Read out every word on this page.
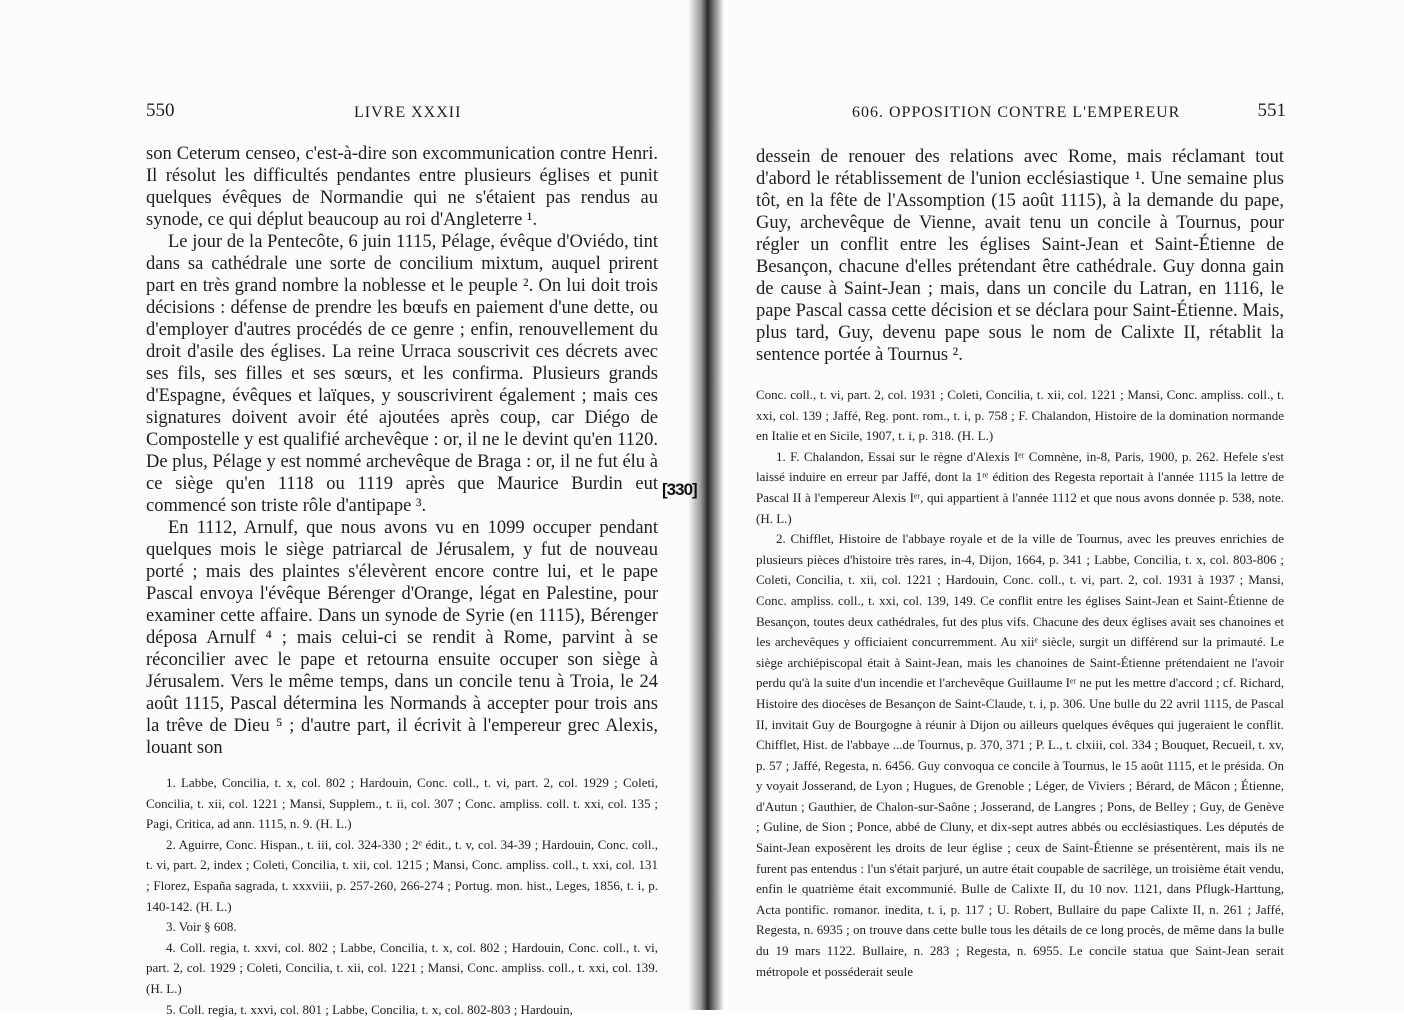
550	LIVRE XXXII

son Ceterum censeo, c'est-à-dire son excommunication contre Henri. Il résolut les difficultés pendantes entre plusieurs églises et punit quelques évêques de Normandie qui ne s'étaient pas rendus au synode, ce qui déplut beaucoup au roi d'Angleterre ¹.

Le jour de la Pentecôte, 6 juin 1115, Pélage, évêque d'Oviédo, tint dans sa cathédrale une sorte de concilium mixtum, auquel prirent part en très grand nombre la noblesse et le peuple ². On lui doit trois décisions : défense de prendre les bœufs en paiement d'une dette, ou d'employer d'autres procédés de ce genre ; enfin, renouvellement du droit d'asile des églises. La reine Urraca souscrivit ces décrets avec ses fils, ses filles et ses sœurs, et les confirma. Plusieurs grands d'Espagne, évêques et laïques, y souscrivirent également ; mais ces signatures doivent avoir été ajoutées après coup, car Diégo de Compostelle y est qualifié archevêque : or, il ne le devint qu'en 1120. De plus, Pélage y est nommé archevêque de Braga : or, il ne fut élu à ce siège qu'en 1118 ou 1119 après que Maurice Burdin eut commencé son triste rôle d'antipape ³.

En 1112, Arnulf, que nous avons vu en 1099 occuper pendant quelques mois le siège patriarcal de Jérusalem, y fut de nouveau porté ; mais des plaintes s'élevèrent encore contre lui, et le pape Pascal envoya l'évêque Bérenger d'Orange, légat en Palestine, pour examiner cette affaire. Dans un synode de Syrie (en 1115), Bérenger déposa Arnulf ⁴ ; mais celui-ci se rendit à Rome, parvint à se réconcilier avec le pape et retourna ensuite occuper son siège à Jérusalem. Vers le même temps, dans un concile tenu à Troia, le 24 août 1115, Pascal détermina les Normands à accepter pour trois ans la trêve de Dieu ⁵ ; d'autre part, il écrivit à l'empereur grec Alexis, louant son

1. Labbe, Concilia, t. x, col. 802 ; Hardouin, Conc. coll., t. vi, part. 2, col. 1929 ; Coleti, Concilia, t. xii, col. 1221 ; Mansi, Supplem., t. ii, col. 307 ; Conc. ampliss. coll. t. xxi, col. 135 ; Pagi, Critica, ad ann. 1115, n. 9. (H. L.)

2. Aguirre, Conc. Hispan., t. iii, col. 324-330 ; 2ᵉ édit., t. v, col. 34-39 ; Hardouin, Conc. coll., t. vi, part. 2, index ; Coleti, Concilia, t. xii, col. 1215 ; Mansi, Conc. ampliss. coll., t. xxi, col. 131 ; Florez, España sagrada, t. xxxviii, p. 257-260, 266-274 ; Portug. mon. hist., Leges, 1856, t. i, p. 140-142. (H. L.)

3. Voir § 608.

4. Coll. regia, t. xxvi, col. 802 ; Labbe, Concilia, t. x, col. 802 ; Hardouin, Conc. coll., t. vi, part. 2, col. 1929 ; Coleti, Concilia, t. xii, col. 1221 ; Mansi, Conc. ampliss. coll., t. xxi, col. 139. (H. L.)

5. Coll. regia, t. xxvi, col. 801 ; Labbe, Concilia, t. x, col. 802-803 ; Hardouin,

606. OPPOSITION CONTRE L'EMPEREUR	551

dessein de renouer des relations avec Rome, mais réclamant tout d'abord le rétablissement de l'union ecclésiastique ¹. Une semaine plus tôt, en la fête de l'Assomption (15 août 1115), à la demande du pape, Guy, archevêque de Vienne, avait tenu un concile à Tournus, pour régler un conflit entre les églises Saint-Jean et Saint-Étienne de Besançon, chacune d'elles prétendant être cathédrale. Guy donna gain de cause à Saint-Jean ; mais, dans un concile du Latran, en 1116, le pape Pascal cassa cette décision et se déclara pour Saint-Étienne. Mais, plus tard, Guy, devenu pape sous le nom de Calixte II, rétablit la sentence portée à Tournus ².

Conc. coll., t. vi, part. 2, col. 1931 ; Coleti, Concilia, t. xii, col. 1221 ; Mansi, Conc. ampliss. coll., t. xxi, col. 139 ; Jaffé, Reg. pont. rom., t. i, p. 758 ; F. Chalandon, Histoire de la domination normande en Italie et en Sicile, 1907, t. i, p. 318. (H. L.)

1. F. Chalandon, Essai sur le règne d'Alexis Iᵉʳ Comnène, in-8, Paris, 1900, p. 262. Hefele s'est laissé induire en erreur par Jaffé, dont la 1ʳᵉ édition des Regesta reportait à l'année 1115 la lettre de Pascal II à l'empereur Alexis Iᵉʳ, qui appartient à l'année 1112 et que nous avons donnée p. 538, note. (H. L.)

2. Chifflet, Histoire de l'abbaye royale et de la ville de Tournus, avec les preuves enrichies de plusieurs pièces d'histoire très rares, in-4, Dijon, 1664, p. 341 ; Labbe, Concilia, t. x, col. 803-806 ; Coleti, Concilia, t. xii, col. 1221 ; Hardouin, Conc. coll., t. vi, part. 2, col. 1931 à 1937 ; Mansi, Conc. ampliss. coll., t. xxi, col. 139, 149. Ce conflit entre les églises Saint-Jean et Saint-Étienne de Besançon, toutes deux cathédrales, fut des plus vifs. Chacune des deux églises avait ses chanoines et les archevêques y officiaient concurremment. Au xiiᵉ siècle, surgit un différend sur la primauté. Le siège archiépiscopal était à Saint-Jean, mais les chanoines de Saint-Étienne prétendaient ne l'avoir perdu qu'à la suite d'un incendie et l'archevêque Guillaume Iᵉʳ ne put les mettre d'accord ; cf. Richard, Histoire des diocèses de Besançon de Saint-Claude, t. i, p. 306. Une bulle du 22 avril 1115, de Pascal II, invitait Guy de Bourgogne à réunir à Dijon ou ailleurs quelques évêques qui jugeraient le conflit. Chifflet, Hist. de l'abbaye ...de Tournus, p. 370, 371 ; P. L., t. clxiii, col. 334 ; Bouquet, Recueil, t. xv, p. 57 ; Jaffé, Regesta, n. 6456. Guy convoqua ce concile à Tournus, le 15 août 1115, et le présida. On y voyait Josserand, de Lyon ; Hugues, de Grenoble ; Léger, de Viviers ; Bérard, de Mâcon ; Étienne, d'Autun ; Gauthier, de Chalon-sur-Saône ; Josserand, de Langres ; Pons, de Belley ; Guy, de Genève ; Guline, de Sion ; Ponce, abbé de Cluny, et dix-sept autres abbés ou ecclésiastiques. Les députés de Saint-Jean exposèrent les droits de leur église ; ceux de Saint-Étienne se présentèrent, mais ils ne furent pas entendus : l'un s'était parjuré, un autre était coupable de sacrilège, un troisième était vendu, enfin le quatrième était excommunié. Bulle de Calixte II, du 10 nov. 1121, dans Pflugk-Harttung, Acta pontific. romanor. inedita, t. i, p. 117 ; U. Robert, Bullaire du pape Calixte II, n. 261 ; Jaffé, Regesta, n. 6935 ; on trouve dans cette bulle tous les détails de ce long procès, de même dans la bulle du 19 mars 1122. Bullaire, n. 283 ; Regesta, n. 6955. Le concile statua que Saint-Jean serait métropole et posséderait seule

[330]
